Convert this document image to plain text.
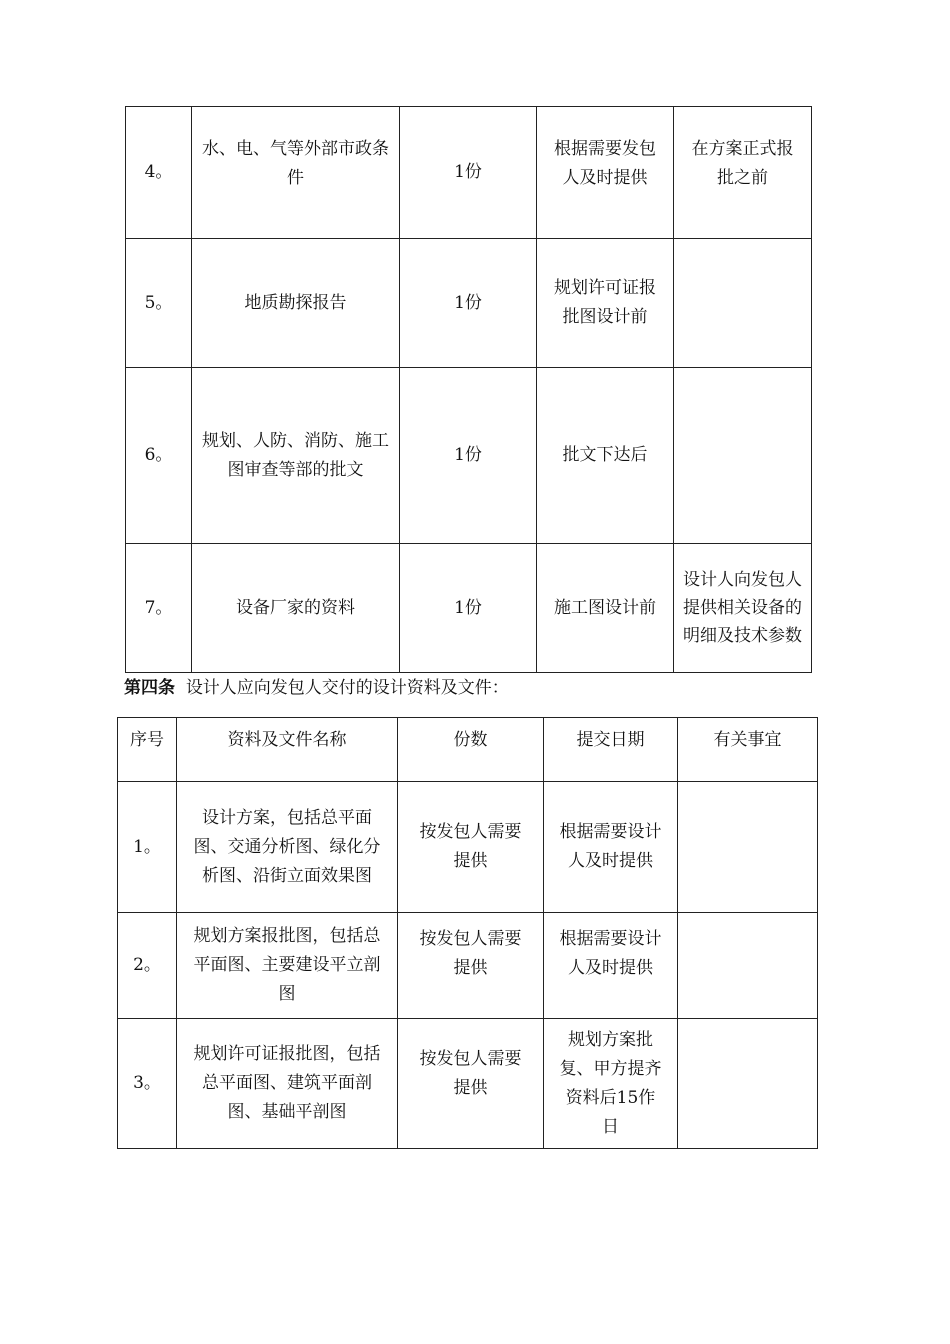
4。	水、电、气等外部市政条件	1份	根据需要发包人及时提供	在方案正式报批之前
5。	地质勘探报告	1份	规划许可证报批图设计前	
6。	规划、人防、消防、施工图审查等部的批文	1份	批文下达后	
7。	设备厂家的资料	1份	施工图设计前	设计人向发包人提供相关设备的明细及技术参数
第四条 设计人应向发包人交付的设计资料及文件：
序号	资料及文件名称	份数	提交日期	有关事宜
1。	设计方案，包括总平面图、交通分析图、绿化分析图、沿街立面效果图	按发包人需要提供	根据需要设计人及时提供	
2。	规划方案报批图，包括总平面图、主要建设平立剖图	按发包人需要提供	根据需要设计人及时提供	
3。	规划许可证报批图，包括总平面图、建筑平面剖图、基础平剖图	按发包人需要提供	规划方案批复、甲方提齐资料后15作日	
